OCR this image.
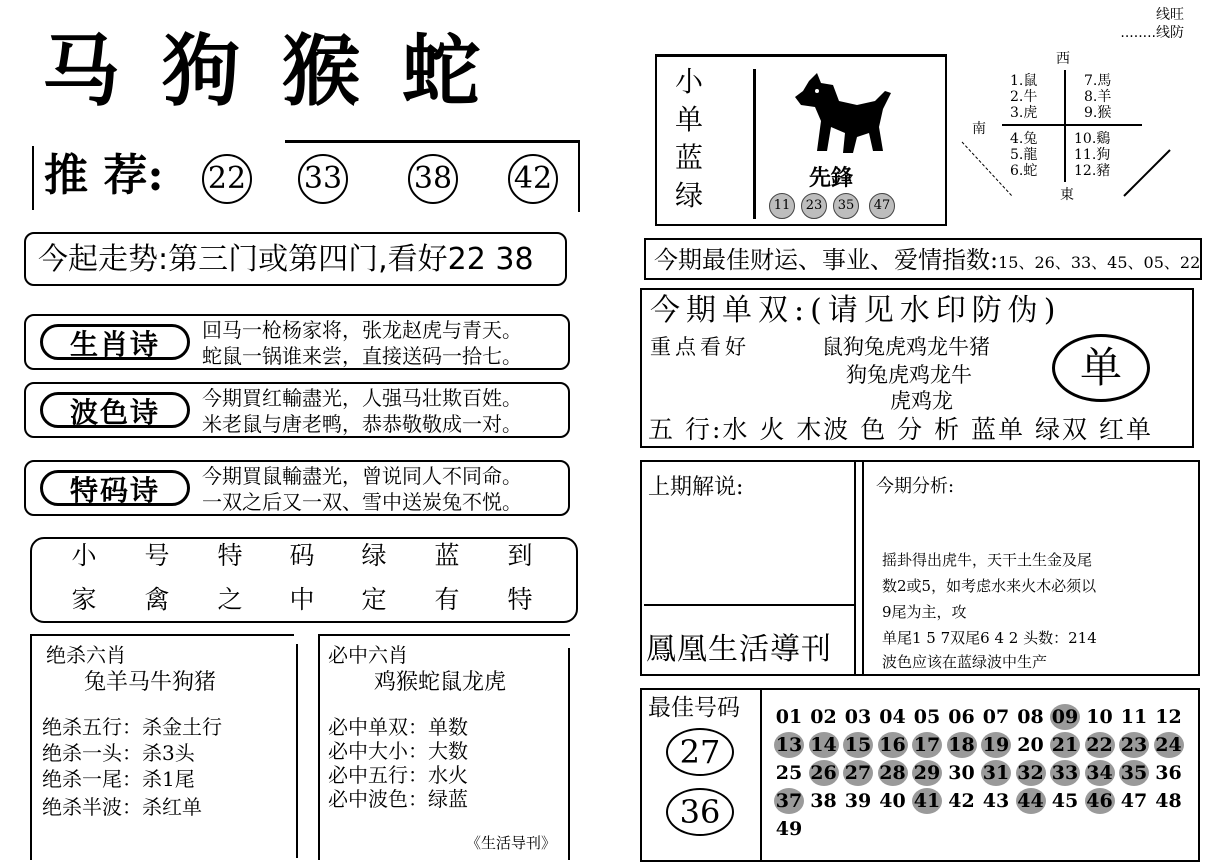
马狗猴蛇
推 荐: 22 33 38 42
今起走势:第三门或第四门,看好22 38
生肖诗	回马一枪杨家将，张龙赵虎与青天。
蛇鼠一锅谁来尝，直接送码一拾七。
波色诗	今期買红輸盡光，人强马壮欺百姓。
米老鼠与唐老鸭，恭恭敬敬成一对。
特码诗	今期買鼠輸盡光，曾说同人不同命。
一双之后又一双、雪中送炭兔不悦。
小	号	特	码	绿	蓝	到
家	禽	之	中	定	有	特
绝杀六肖
兔羊马牛狗猪
绝杀五行：杀金土行
绝杀一头：杀3头
绝杀一尾：杀1尾
绝杀半波：杀红单
必中六肖
鸡猴蛇鼠龙虎
必中单双：单数
必中大小：大数
必中五行：水火
必中波色：绿蓝
《生活导刊》
线旺
........线防
小
单
蓝
绿
先鋒
11	23	35	47
西
南
東
1.鼠
2.牛
3.虎
7.馬
8.羊
9.猴
4.兔
5.龍
6.蛇
10.鷄
11.狗
12.豬
今期最佳财运、事业、爱情指数:15、26、33、45、05、22
今期单双:(请见水印防伪)
重点看好	鼠狗兔虎鸡龙牛猪
狗兔虎鸡龙牛
虎鸡龙
单
五 行:水 火 木波 色 分 析 蓝单 绿双 红单
上期解说:
鳳凰生活導刊
今期分析:
摇卦得出虎牛，天干土生金及尾
数2或5，如考虑水来火木必须以
9尾为主，攻
单尾1 5 7双尾6 4 2 头数：214
波色应该在蓝绿波中生产
最佳号码
27
36
01 02 03 04 05 06 07 08 09 10 11 12
13 14 15 16 17 18 19 20 21 22 23 24
25 26 27 28 29 30 31 32 33 34 35 36
37 38 39 40 41 42 43 44 45 46 47 48
49
